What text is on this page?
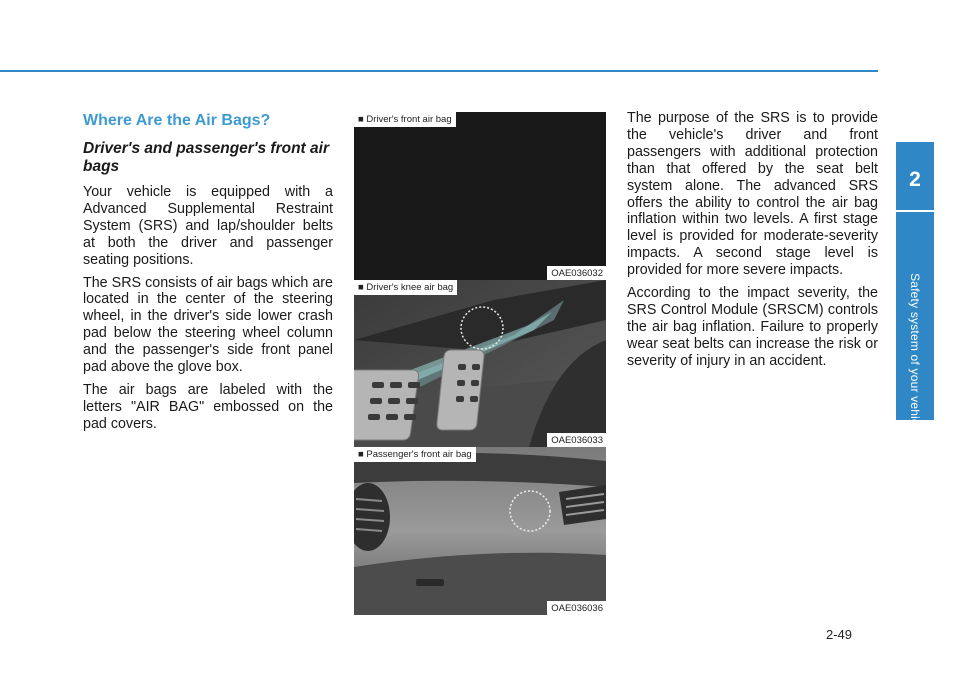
Where Are the Air Bags?
Driver's and passenger's front air bags

Your vehicle is equipped with a Advanced Supplemental Restraint System (SRS) and lap/shoulder belts at both the driver and passenger seating positions.

The SRS consists of air bags which are located in the center of the steering wheel, in the driver's side lower crash pad below the steering wheel column and the passenger's side front panel pad above the glove box.

The air bags are labeled with the letters "AIR BAG" embossed on the pad covers.

■ Driver's front air bag
OAE036032
■ Driver's knee air bag
OAE036033
■ Passenger's front air bag
OAE036036

The purpose of the SRS is to provide the vehicle's driver and front passengers with additional protection than that offered by the seat belt system alone. The advanced SRS offers the ability to control the air bag inflation within two levels. A first stage level is provided for moderate-severity impacts. A second stage level is provided for more severe impacts.

According to the impact severity, the SRS Control Module (SRSCM) controls the air bag inflation. Failure to properly wear seat belts can increase the risk or severity of injury in an accident.

2
Safety system of your vehicle
2-49
